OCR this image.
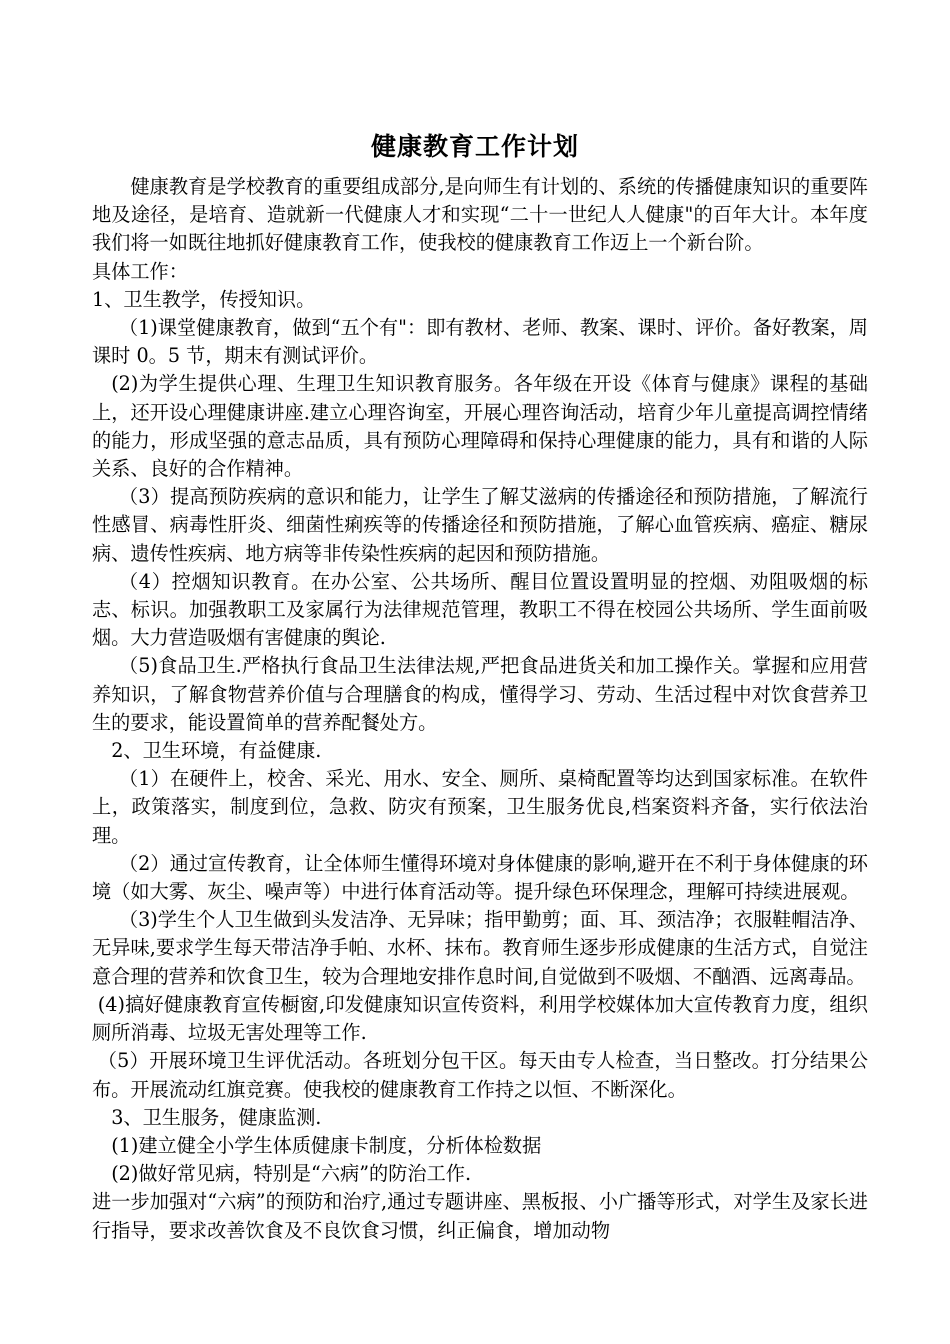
健康教育工作计划

健康教育是学校教育的重要组成部分,是向师生有计划的、系统的传播健康知识的重要阵地及途径，是培育、造就新一代健康人才和实现“二十一世纪人人健康"的百年大计。本年度我们将一如既往地抓好健康教育工作，使我校的健康教育工作迈上一个新台阶。

具体工作：

1、卫生教学，传授知识。

（1)课堂健康教育，做到“五个有"：即有教材、老师、教案、课时、评价。备好教案，周课时 0。5 节，期末有测试评价。

(2)为学生提供心理、生理卫生知识教育服务。各年级在开设《体育与健康》课程的基础上，还开设心理健康讲座.建立心理咨询室，开展心理咨询活动，培育少年儿童提高调控情绪的能力，形成坚强的意志品质，具有预防心理障碍和保持心理健康的能力，具有和谐的人际关系、良好的合作精神。

（3）提高预防疾病的意识和能力，让学生了解艾滋病的传播途径和预防措施，了解流行性感冒、病毒性肝炎、细菌性痢疾等的传播途径和预防措施，了解心血管疾病、癌症、糖尿病、遗传性疾病、地方病等非传染性疾病的起因和预防措施。

（4）控烟知识教育。在办公室、公共场所、醒目位置设置明显的控烟、劝阻吸烟的标志、标识。加强教职工及家属行为法律规范管理，教职工不得在校园公共场所、学生面前吸烟。大力营造吸烟有害健康的舆论.

（5)食品卫生.严格执行食品卫生法律法规,严把食品进货关和加工操作关。掌握和应用营养知识，了解食物营养价值与合理膳食的构成，懂得学习、劳动、生活过程中对饮食营养卫生的要求，能设置简单的营养配餐处方。

2、卫生环境，有益健康.

（1）在硬件上，校舍、采光、用水、安全、厕所、桌椅配置等均达到国家标准。在软件上，政策落实，制度到位，急救、防灾有预案，卫生服务优良,档案资料齐备，实行依法治理。

（2）通过宣传教育，让全体师生懂得环境对身体健康的影响,避开在不利于身体健康的环境（如大雾、灰尘、噪声等）中进行体育活动等。提升绿色环保理念，理解可持续进展观。

（3)学生个人卫生做到头发洁净、无异味；指甲勤剪；面、耳、颈洁净；衣服鞋帽洁净、无异味,要求学生每天带洁净手帕、水杯、抹布。教育师生逐步形成健康的生活方式，自觉注意合理的营养和饮食卫生，较为合理地安排作息时间,自觉做到不吸烟、不酗酒、远离毒品。

(4)搞好健康教育宣传橱窗,印发健康知识宣传资料，利用学校媒体加大宣传教育力度，组织厕所消毒、垃圾无害处理等工作.

（5）开展环境卫生评优活动。各班划分包干区。每天由专人检查，当日整改。打分结果公布。开展流动红旗竞赛。使我校的健康教育工作持之以恒、不断深化。

3、卫生服务，健康监测.

(1)建立健全小学生体质健康卡制度，分析体检数据

(2)做好常见病，特别是“六病”的防治工作.

进一步加强对“六病”的预防和治疗,通过专题讲座、黑板报、小广播等形式，对学生及家长进行指导，要求改善饮食及不良饮食习惯，纠正偏食，增加动物
